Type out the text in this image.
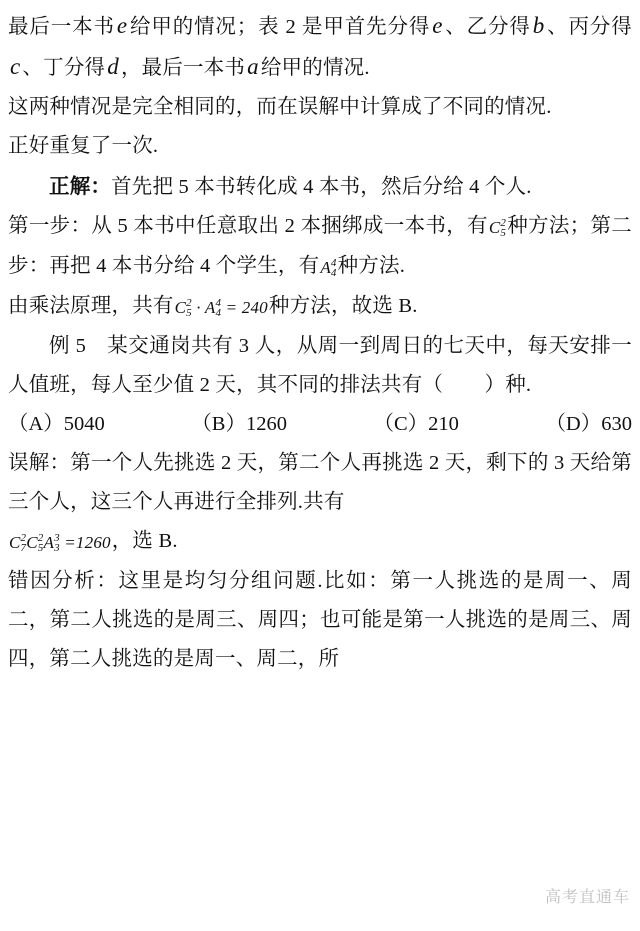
最后一本书e给甲的情况；表 2 是甲首先分得e、乙分得b、丙分得c、丁分得d，最后一本书a给甲的情况.

这两种情况是完全相同的，而在误解中计算成了不同的情况.

正好重复了一次.

正解：首先把 5 本书转化成 4 本书，然后分给 4 个人.

第一步：从 5 本书中任意取出 2 本捆绑成一本书，有C 2
5 种方法；第二步：再把 4 本书分给 4 个学生，有A 4
4 种方法.

由乘法原理，共有C 2
5 · A 4
4 = 240种方法，故选 B.

例 5　某交通岗共有 3 人，从周一到周日的七天中，每天安排一人值班，每人至少值 2 天，其不同的排法共有（　　）种.

（A）5040	（B）1260	（C）210	（D）630

误解：第一个人先挑选 2 天，第二个人再挑选 2 天，剩下的 3 天给第三个人，这三个人再进行全排列.共有

C 2
7 C 2
5 A 3
3 =1260，选 B.

错因分析：这里是均匀分组问题.比如：第一人挑选的是周一、周二，第二人挑选的是周三、周四；也可能是第一人挑选的是周三、周四，第二人挑选的是周一、周二，所

高考直通车
